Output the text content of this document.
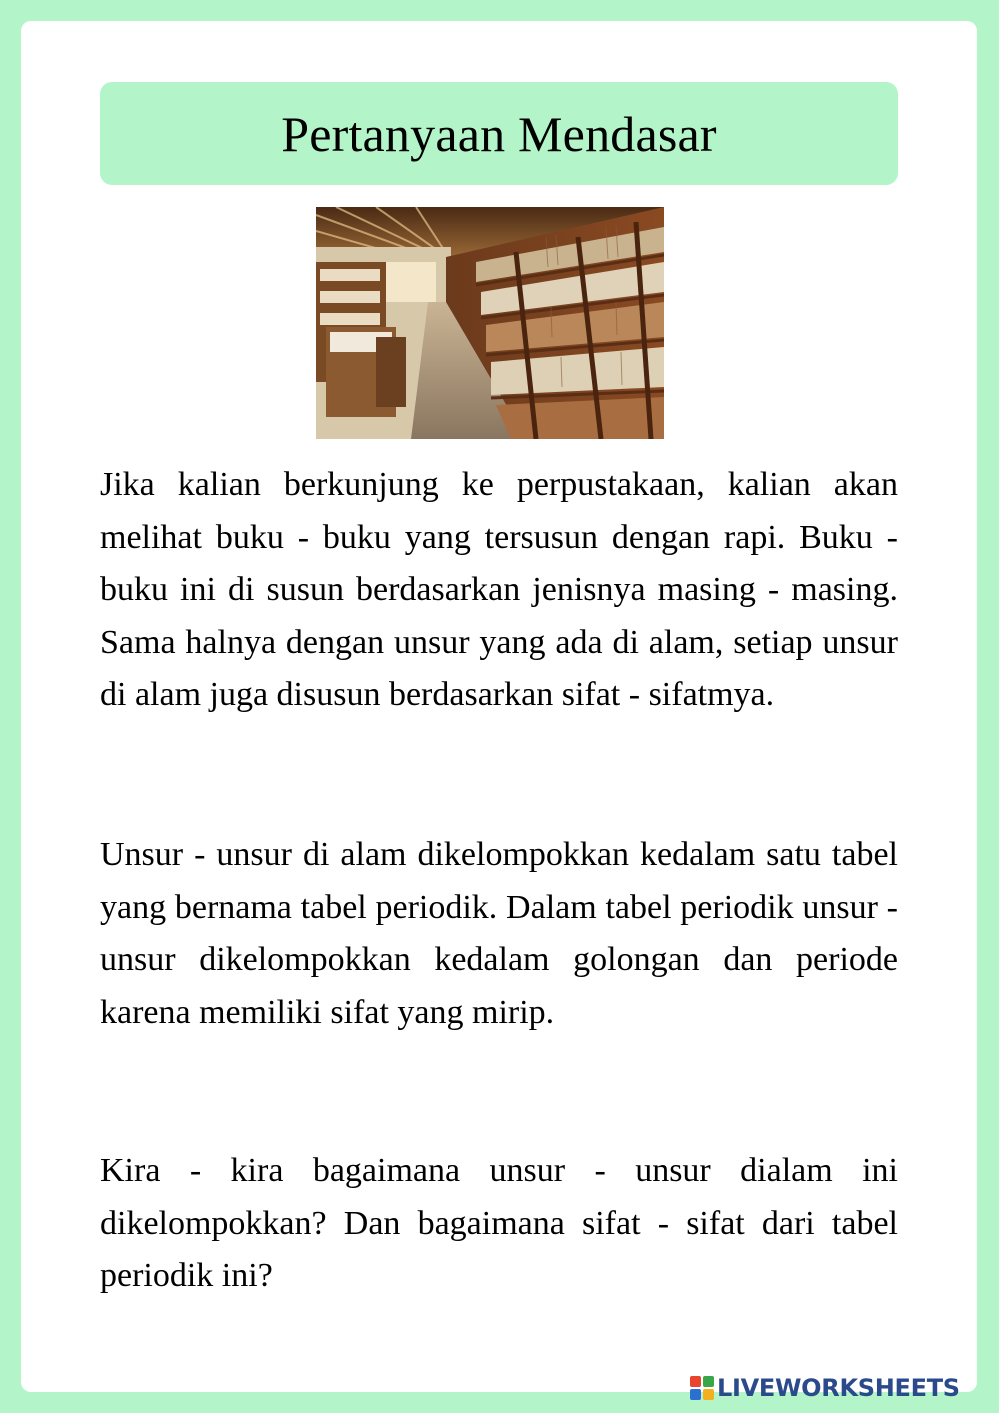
Pertanyaan Mendasar

Jika kalian berkunjung ke perpustakaan, kalian akan melihat buku - buku yang tersusun dengan rapi. Buku - buku ini di susun berdasarkan jenisnya masing - masing. Sama halnya dengan unsur yang ada di alam, setiap unsur di alam juga disusun berdasarkan sifat - sifatmya.

Unsur - unsur di alam dikelompokkan kedalam satu tabel yang bernama tabel periodik. Dalam tabel periodik unsur - unsur dikelompokkan kedalam golongan dan periode karena memiliki sifat yang mirip.

Kira - kira bagaimana unsur - unsur dialam ini dikelompokkan? Dan bagaimana sifat - sifat dari tabel periodik ini?

LIVEWORKSHEETS
